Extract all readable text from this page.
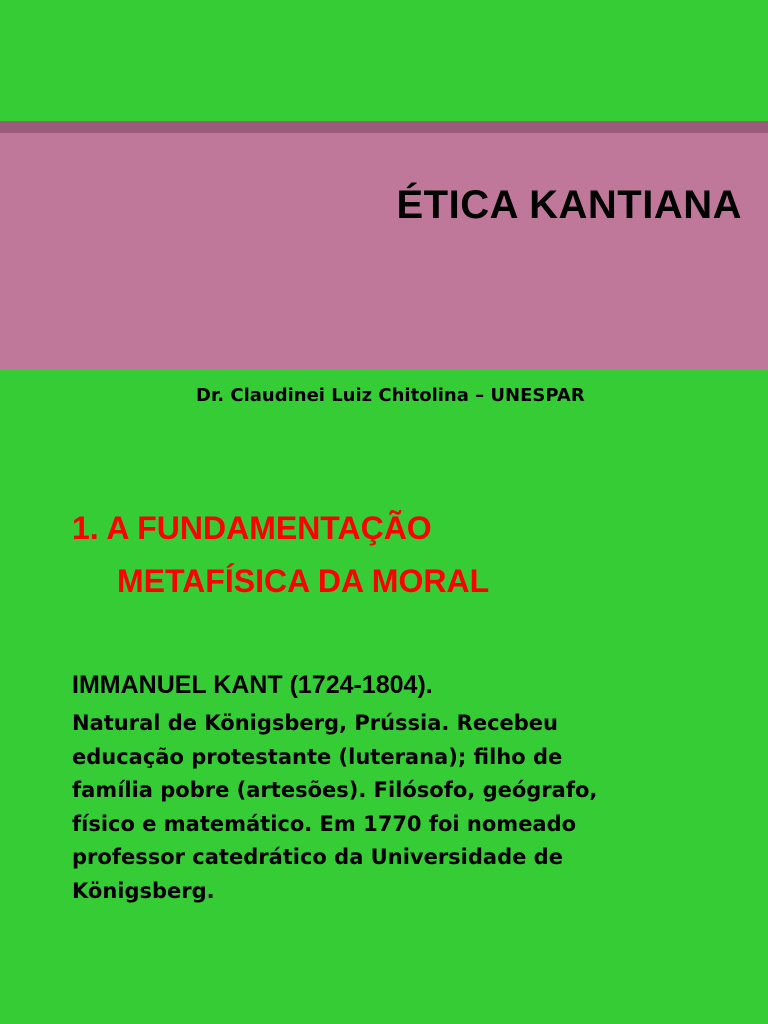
ÉTICA KANTIANA

Dr. Claudinei Luiz Chitolina – UNESPAR

1. A FUNDAMENTAÇÃO
METAFÍSICA DA MORAL
IMMANUEL KANT (1724-1804).

Natural de Königsberg, Prússia. Recebeu
educação protestante (luterana); filho de
família pobre (artesões). Filósofo, geógrafo,
físico e matemático. Em 1770 foi nomeado
professor catedrático da Universidade de
Königsberg.
